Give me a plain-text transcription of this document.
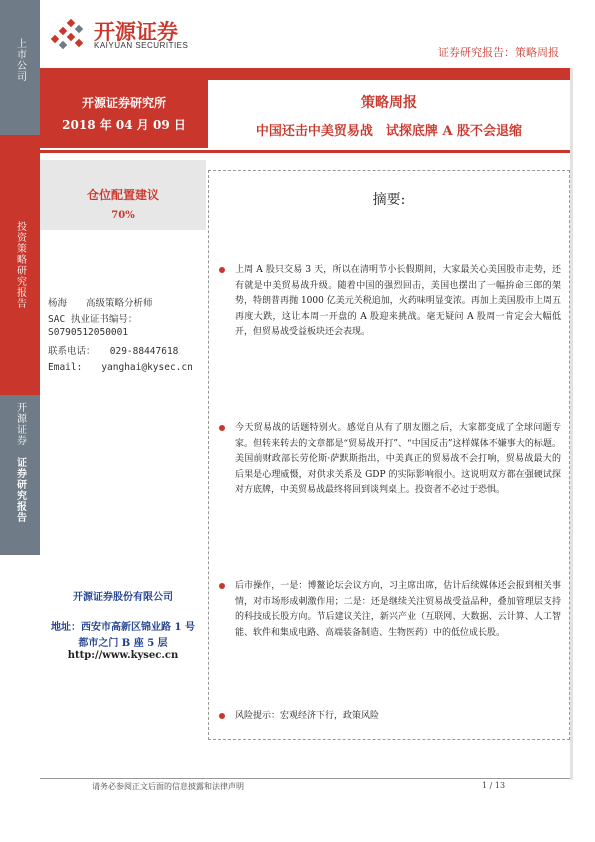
上市公司
投资策略研究报告
开源证券
证券研究报告
开源证券
KAIYUAN SECURITIES
证券研究报告：策略周报
开源证券研究所
2018 年 04 月 09 日
策略周报
中国还击中美贸易战　试探底牌 A 股不会退缩
仓位配置建议
70%
杨海　　高级策略分析师
SAC 执业证书编号：
S0790512050001
联系电话：　　029-88447618
Email:　　yanghai@kysec.cn
开源证券股份有限公司
地址：西安市高新区锦业路 1 号
都市之门 B 座 5 层
http://www.kysec.cn
摘要:
上周 A 股只交易 3 天，所以在清明节小长假期间，大家最关心美国股市走势，还有就是中美贸易战升级。随着中国的强烈回击，美国也摆出了一幅拚命三郎的架势，特朗普再抛 1000 亿美元关税追加，火药味明显变浓。再加上美国股市上周五再度大跌，这让本周一开盘的 A 股迎来挑战。毫无疑问 A 股周一肯定会大幅低开，但贸易战受益板块还会表现。
今天贸易战的话题特别火。感觉自从有了朋友圈之后，大家都变成了全球问题专家。但转来转去的文章都是“贸易战开打”、“中国反击”这样媒体不嫌事大的标题。美国前财政部长劳伦斯·萨默斯指出，中美真正的贸易战不会打响，贸易战最大的后果是心理威慑，对供求关系及 GDP 的实际影响很小。这说明双方都在强硬试探对方底牌，中美贸易战最终将回到谈判桌上。投资者不必过于恐惧。
后市操作，一是：博鳌论坛会议方向，习主席出席，估计后续媒体还会报到相关事情，对市场形成刺激作用；二是：还是继续关注贸易战受益品种，叠加管理层支持的科技成长股方向。节后建议关注，新兴产业（互联网、大数据、云计算、人工智能、软件和集成电路、高端装备制造、生物医药）中的低位成长股。
风险提示：宏观经济下行，政策风险
请务必参阅正文后面的信息披露和法律声明	1 / 13
